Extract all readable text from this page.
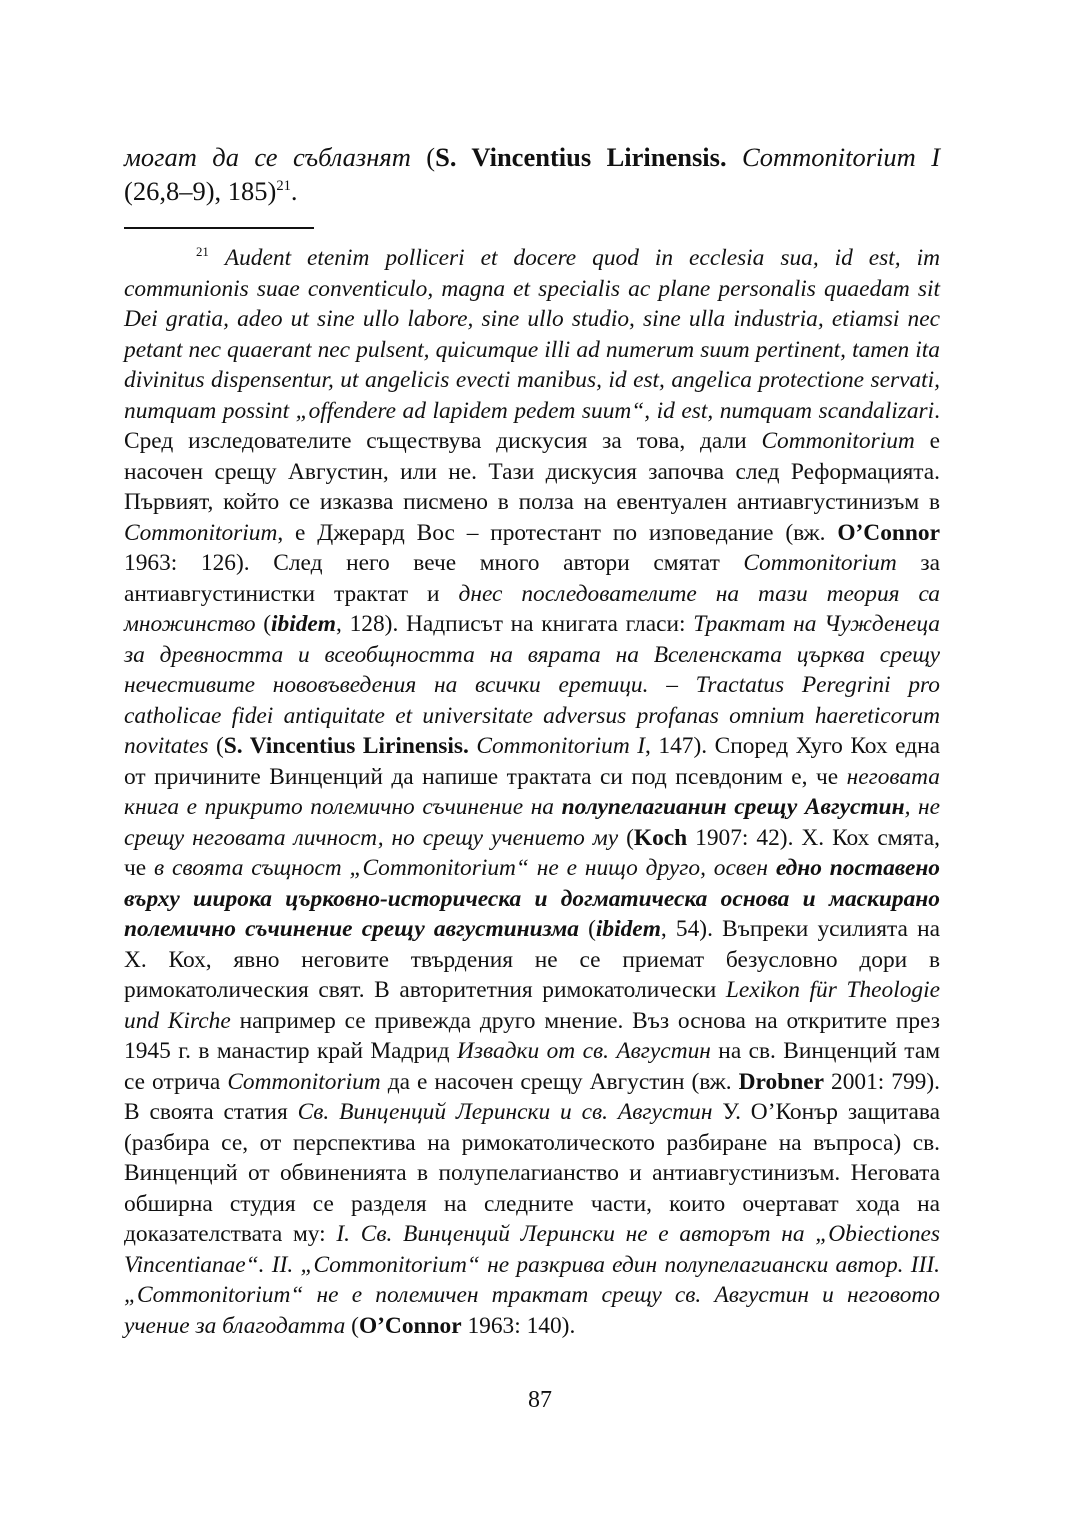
могат да се съблазнят (S. Vincentius Lirinensis. Commonitorium I (26,8–9), 185)$^{21}$.

$^{21}$ Audent etenim polliceri et docere quod in ecclesia sua, id est, im communionis suae conventiculo, magna et specialis ac plane personalis quaedam sit Dei gratia, adeo ut sine ullo labore, sine ullo studio, sine ulla industria, etiamsi nec petant nec quaerant nec pulsent, quicumque illi ad numerum suum pertinent, tamen ita divinitus dispensentur, ut angelicis evecti manibus, id est, angelica protectione servati, numquam possint „offendere ad lapidem pedem suum“, id est, numquam scandalizari. Сред изследователите съществува дискусия за това, дали Commonitorium е насочен срещу Августин, или не. Тази дискусия започва след Реформацията. Първият, който се изказва писмено в полза на евентуален антиавгустинизъм в Commonitorium, е Джерард Вос – протестант по изповедание (вж. O’Connor 1963: 126). След него вече много автори смятат Commonitorium за антиавгустинистки трактат и днес последователите на тази теория са множинство (ibidem, 128). Надписът на книгата гласи: Трактат на Чужденеца за древността и всеобщността на вярата на Вселенската църква срещу нечестивите нововъведения на всички еретици. – Tractatus Peregrini pro catholicae fidei antiquitate et universitate adversus profanas omnium haereticorum novitates (S. Vincentius Lirinensis. Commonitorium I, 147). Според Хуго Кох една от причините Винценций да напише трактата си под псевдоним е, че неговата книга е прикрито полемично съчинение на полупелагианин срещу Августин, не срещу неговата личност, но срещу учението му (Koch 1907: 42). Х. Кох смята, че в своята същност „Commonitorium“ не е нищо друго, освен едно поставено върху широка църковно-историческа и догматическа основа и маскирано полемично съчинение срещу августинизма (ibidem, 54). Въпреки усилията на Х. Кох, явно неговите твърдения не се приемат безусловно дори в римокатолическия свят. В авторитетния римокатолически Lexikon für Theologie und Kirche например се привежда друго мнение. Въз основа на откритите през 1945 г. в манастир край Мадрид Извадки от св. Августин на св. Винценций там се отрича Commonitorium да е насочен срещу Августин (вж. Drobner 2001: 799). В своята статия Св. Винценций Лерински и св. Августин У. О’Конър защитава (разбира се, от перспектива на римокатолическото разбиране на въпроса) св. Винценций от обвиненията в полупелагианство и антиавгустинизъм. Неговата обширна студия се разделя на следните части, които очертават хода на доказателствата му: I. Св. Винценций Лерински не е авторът на „Obiectiones Vincentianae“. II. „Commonitorium“ не разкрива един полупелагиански автор. III. „Commonitorium“ не е полемичен трактат срещу св. Августин и неговото учение за благодатта (O’Connor 1963: 140).

87
